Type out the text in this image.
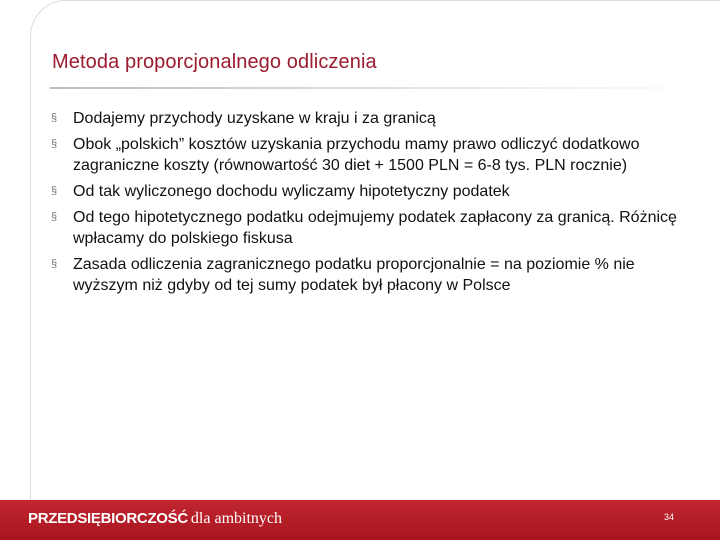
Metoda proporcjonalnego odliczenia
§ Dodajemy przychody uzyskane w kraju i za granicą
§ Obok „polskich” kosztów uzyskania przychodu mamy prawo odliczyć dodatkowo zagraniczne koszty (równowartość 30 diet + 1500 PLN = 6-8 tys. PLN rocznie)
§ Od tak wyliczonego dochodu wyliczamy hipotetyczny podatek
§ Od tego hipotetycznego podatku odejmujemy podatek zapłacony za granicą. Różnicę wpłacamy do polskiego fiskusa
§ Zasada odliczenia zagranicznego podatku proporcjonalnie = na poziomie % nie wyższym niż gdyby od tej sumy podatek był płacony w Polsce
PRZEDSIĘBIORCZOŚĆ dla ambitnych	34
